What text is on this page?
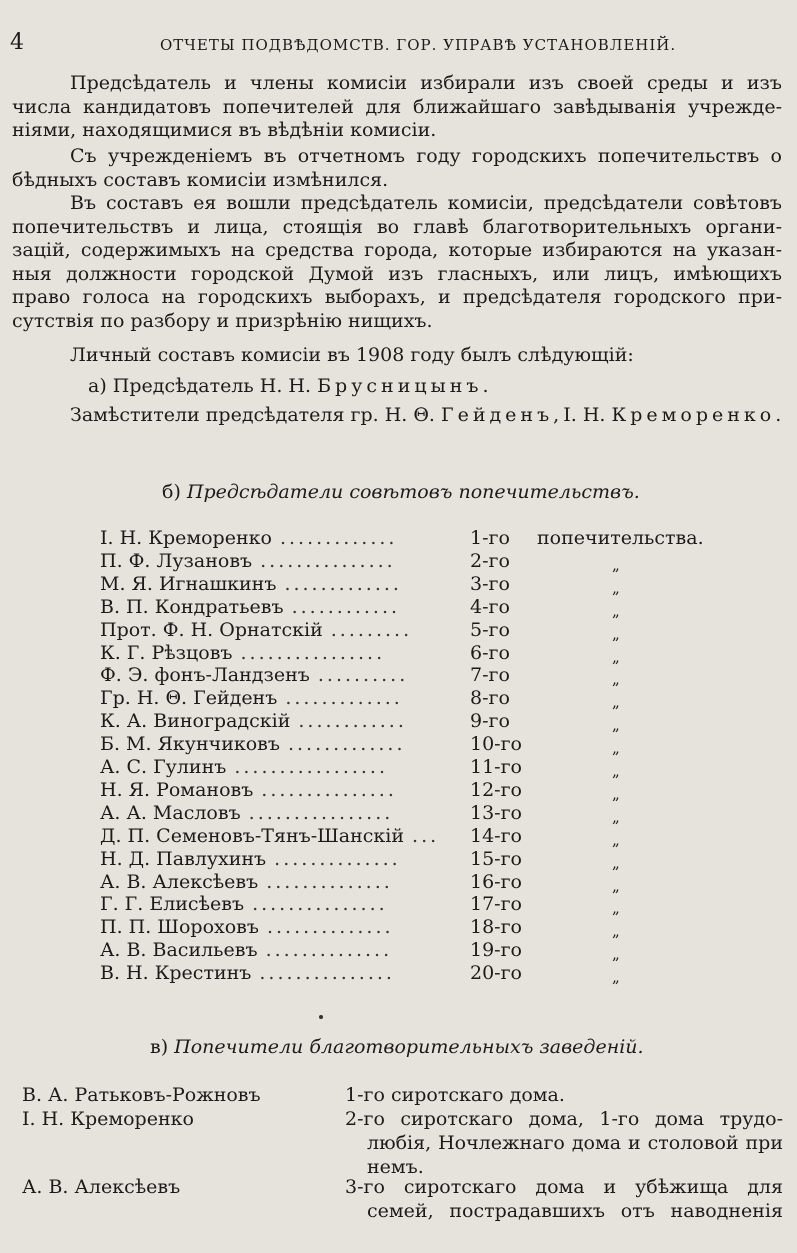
4	ОТЧЕТЫ ПОДВѢДОМСТВ. ГОР. УПРАВѢ УСТАНОВЛЕНIЙ.
Предсѣдатель и члены комисiи избирали изъ своей среды и изъ
числа кандидатовъ попечителей для ближайшаго завѣдыванiя учрежде-
нiями, находящимися въ вѣдѣнiи комисiи.
Съ учрежденiемъ въ отчетномъ году городскихъ попечительствъ о
бѣдныхъ составъ комисiи измѣнился.
Въ составъ ея вошли предсѣдатель комисiи, предсѣдатели совѣтовъ
попечительствъ и лица, стоящiя во главѣ благотворительныхъ органи-
зацiй, содержимыхъ на средства города, которые избираются на указан-
ныя должности городской Думой изъ гласныхъ, или лицъ, имѣющихъ
право голоса на городскихъ выборахъ, и предсѣдателя городского при-
сутствiя по разбору и призрѣнiю нищихъ.
Личный составъ комисiи въ 1908 году былъ слѣдующiй:
а) Предсѣдатель Н. Н. Брусницынъ.
Замѣстители предсѣдателя гр. Н. Θ. Гейденъ,I. Н. Креморенко.
б) Предсѣдатели совѣтовъ попечительствъ.
I. Н. Креморенко .............	1-го попечительства.
П. Ф. Лузановъ ...............	2-го	„
М. Я. Игнашкинъ .............	3-го	„
В. П. Кондратьевъ ............	4-го	„
Прот. Ф. Н. Орнатскiй .........	5-го	„
К. Г. Рѣзцовъ ................	6-го	„
Ф. Э. фонъ-Ландзенъ ..........	7-го	„
Гр. Н. Θ. Гейденъ .............	8-го	„
К. А. Виноградскiй ............	9-го	„
Б. М. Якунчиковъ .............	10-го	„
А. С. Гулинъ .................	11-го	„
Н. Я. Романовъ ...............	12-го	„
А. А. Масловъ ................	13-го	„
Д. П. Семеновъ-Тянъ-Шанскiй ... 14-го	„
Н. Д. Павлухинъ ..............	15-го	„
А. В. Алексѣевъ ..............	16-го	„
Г. Г. Елисѣевъ ...............	17-го	„
П. П. Шороховъ ..............	18-го	„
А. В. Васильевъ ..............	19-го	„
В. Н. Крестинъ ...............	20-го	„
в) Попечители благотворительныхъ заведенiй.
В. А. Ратьковъ-Рожновъ	1-го сиротскаго дома.
I. Н. Креморенко	2-го сиротскаго дома, 1-го дома трудо-
любiя, Ночлежнаго дома и столовой при
немъ.
А. В. Алексѣевъ	3-го сиротскаго дома и убѣжища для
семей, пострадавшихъ отъ наводненiя
